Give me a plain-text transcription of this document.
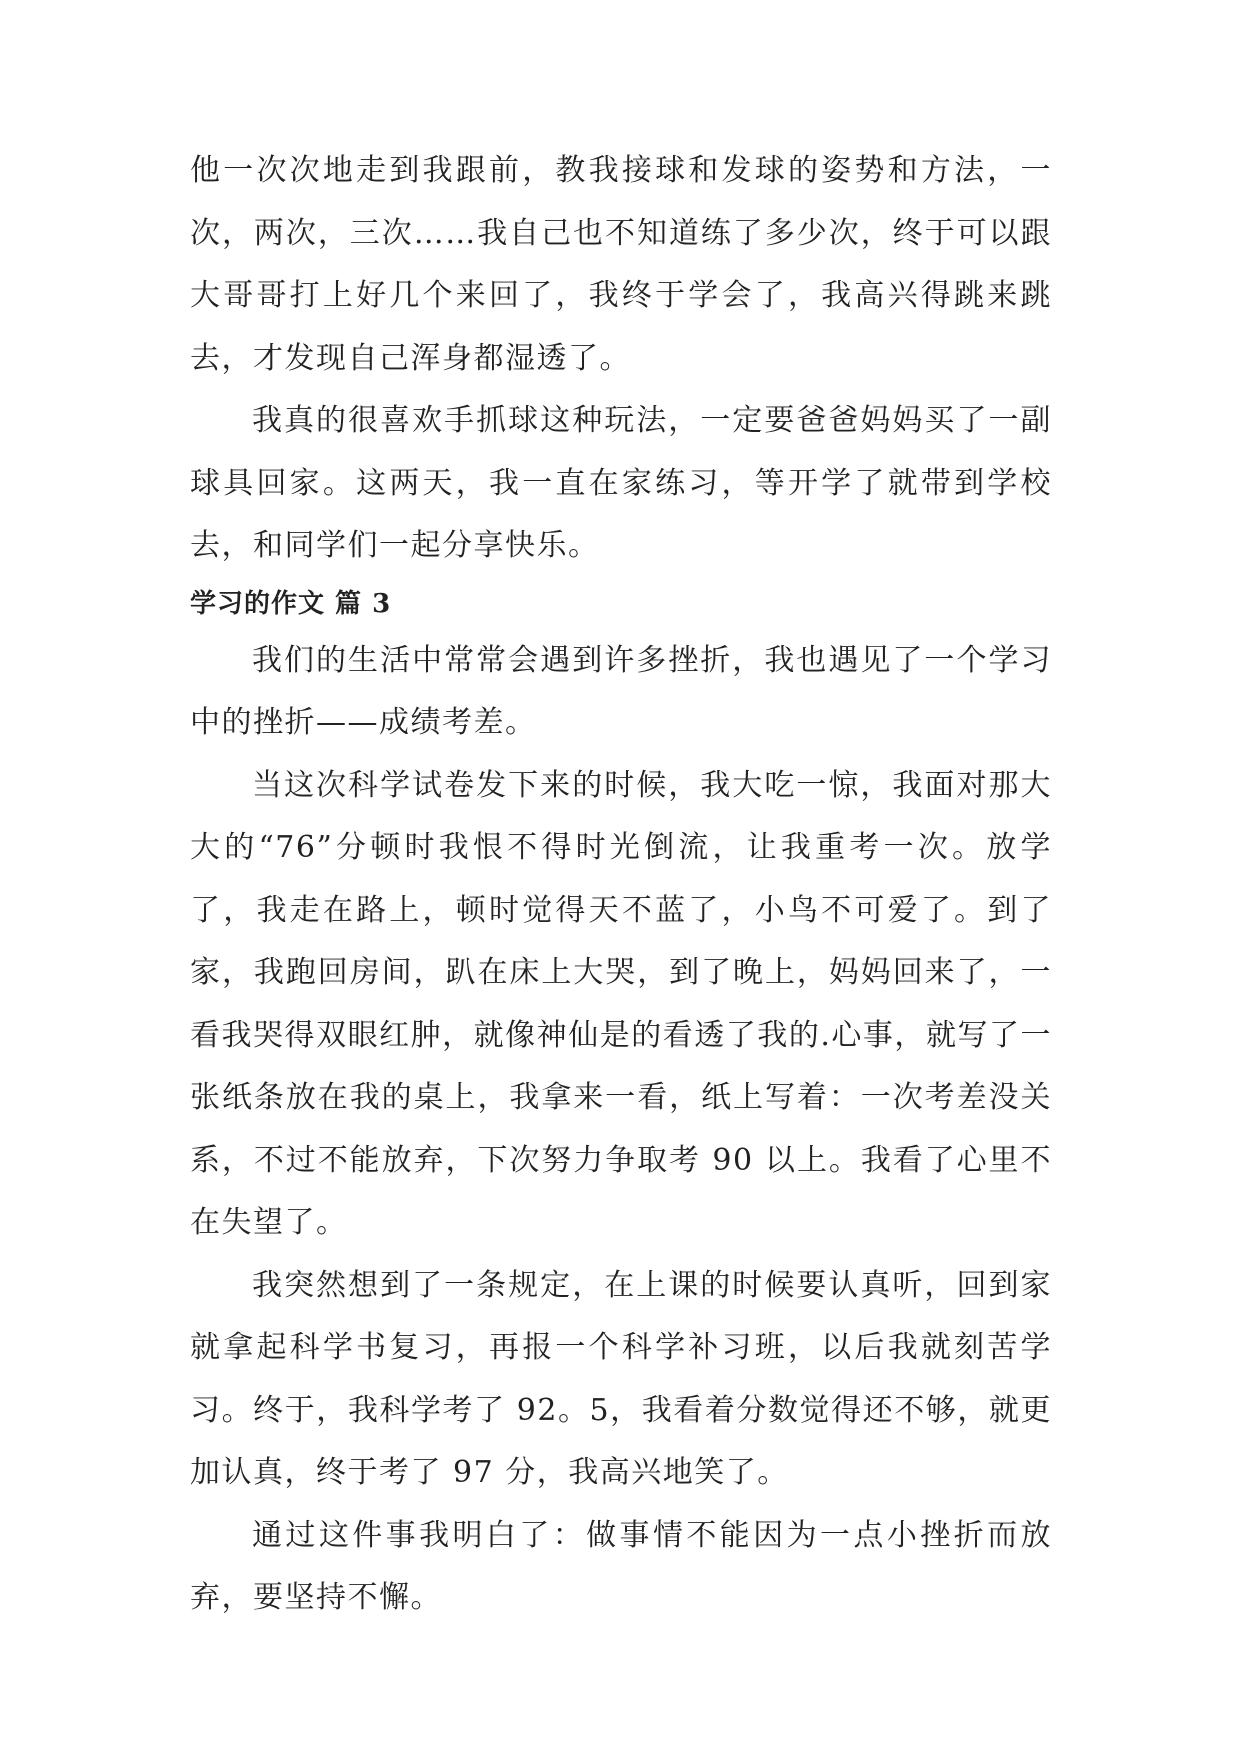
他一次次地走到我跟前，教我接球和发球的姿势和方法，一次，两次，三次……我自己也不知道练了多少次，终于可以跟大哥哥打上好几个来回了，我终于学会了，我高兴得跳来跳去，才发现自己浑身都湿透了。

我真的很喜欢手抓球这种玩法，一定要爸爸妈妈买了一副球具回家。这两天，我一直在家练习，等开学了就带到学校去，和同学们一起分享快乐。

学习的作文 篇 3

我们的生活中常常会遇到许多挫折，我也遇见了一个学习中的挫折——成绩考差。

当这次科学试卷发下来的时候，我大吃一惊，我面对那大大的“76”分顿时我恨不得时光倒流，让我重考一次。放学了，我走在路上，顿时觉得天不蓝了，小鸟不可爱了。到了家，我跑回房间，趴在床上大哭，到了晚上，妈妈回来了，一看我哭得双眼红肿，就像神仙是的看透了我的.心事，就写了一张纸条放在我的桌上，我拿来一看，纸上写着：一次考差没关系，不过不能放弃，下次努力争取考 90 以上。我看了心里不在失望了。

我突然想到了一条规定，在上课的时候要认真听，回到家就拿起科学书复习，再报一个科学补习班，以后我就刻苦学习。终于，我科学考了 92。5，我看着分数觉得还不够，就更加认真，终于考了 97 分，我高兴地笑了。

通过这件事我明白了：做事情不能因为一点小挫折而放弃，要坚持不懈。
